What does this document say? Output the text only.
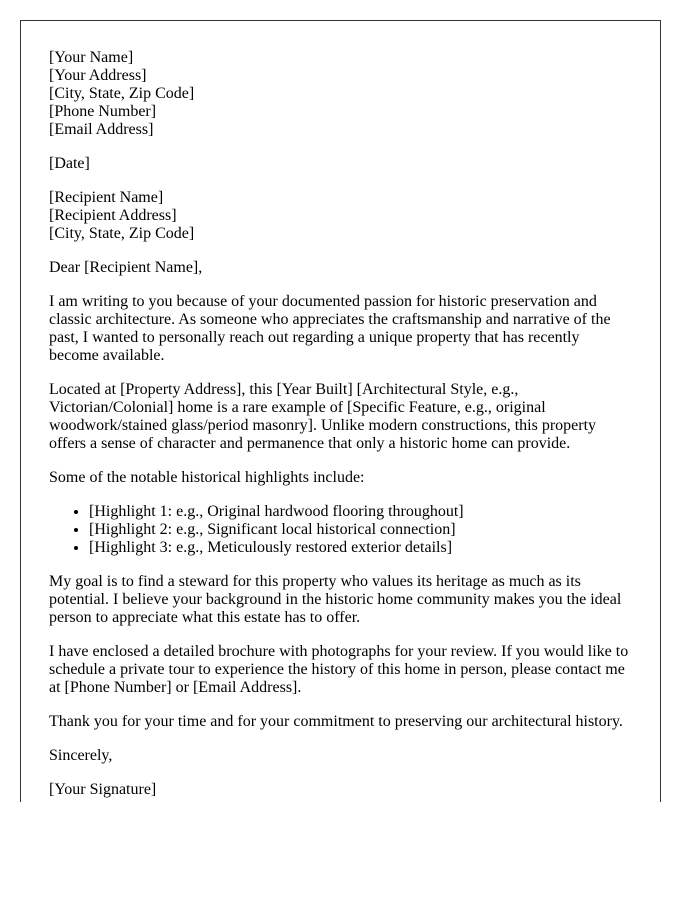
[Your Name]
[Your Address]
[City, State, Zip Code]
[Phone Number]
[Email Address]
[Date]
[Recipient Name]
[Recipient Address]
[City, State, Zip Code]

Dear [Recipient Name],

I am writing to you because of your documented passion for historic preservation and classic architecture. As someone who appreciates the craftsmanship and narrative of the past, I wanted to personally reach out regarding a unique property that has recently become available.

Located at [Property Address], this [Year Built] [Architectural Style, e.g., Victorian/Colonial] home is a rare example of [Specific Feature, e.g., original woodwork/stained glass/period masonry]. Unlike modern constructions, this property offers a sense of character and permanence that only a historic home can provide.

Some of the notable historical highlights include:

• [Highlight 1: e.g., Original hardwood flooring throughout]
• [Highlight 2: e.g., Significant local historical connection]
• [Highlight 3: e.g., Meticulously restored exterior details]

My goal is to find a steward for this property who values its heritage as much as its potential. I believe your background in the historic home community makes you the ideal person to appreciate what this estate has to offer.

I have enclosed a detailed brochure with photographs for your review. If you would like to schedule a private tour to experience the history of this home in person, please contact me at [Phone Number] or [Email Address].

Thank you for your time and for your commitment to preserving our architectural history.

Sincerely,

[Your Signature]
